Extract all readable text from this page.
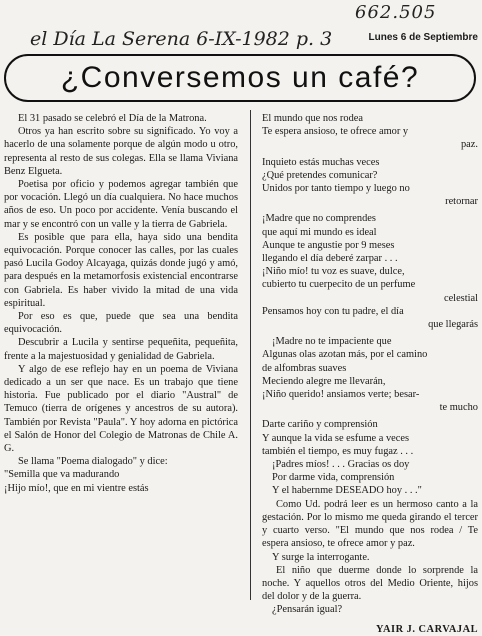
662.505
el Día La Serena 6-IX-1982 p. 3	Lunes 6 de Septiembre
¿Conversemos un café?
El 31 pasado se celebró el Día de la Matrona.
Otros ya han escrito sobre su significado. Yo voy a hacerlo de una solamente porque de algún modo u otro, representa al resto de sus colegas. Ella se llama Viviana Benz Elgueta.
Poetisa por oficio y podemos agregar también que por vocación. Llegó un día cualquiera. No hace muchos años de eso. Un poco por accidente. Venía buscando el mar y se encontró con un valle y la tierra de Gabriela.
Es posible que para ella, haya sido una bendita equivocación. Porque conocer las calles, por las cuales pasó Lucila Godoy Alcayaga, quizás donde jugó y amó, para después en la metamorfosis existencial encontrarse con Gabriela. Es haber vivido la mitad de una vida espiritual.
Por eso es que, puede que sea una bendita equivocación.
Descubrir a Lucila y sentirse pequeñita, pequeñita, frente a la majestuosidad y genialidad de Gabriela.
Y algo de ese reflejo hay en un poema de Viviana dedicado a un ser que nace. Es un trabajo que tiene historia. Fue publicado por el diario "Austral" de Temuco (tierra de orígenes y ancestros de su autora). También por Revista "Paula". Y hoy adorna en pictórica el Salón de Honor del Colegio de Matronas de Chile A. G.
Se llama "Poema dialogado" y dice:
"Semilla que va madurando
¡Hijo mío!, que en mi vientre estás
El mundo que nos rodea
Te espera ansioso, te ofrece amor y
paz.
Inquieto estás muchas veces
¿Qué pretendes comunicar?
Unidos por tanto tiempo y luego no
retornar
¡Madre que no comprendes
que aquí mi mundo es ideal
Aunque te angustie por 9 meses
llegando el día deberé zarpar . . .
¡Niño mío! tu voz es suave, dulce,
cubierto tu cuerpecito de un perfume
celestial
Pensamos hoy con tu padre, el día
que llegarás
¡Madre no te impaciente que
Algunas olas azotan más, por el camino
de alfombras suaves
Meciendo alegre me llevarán,
¡Niño querido! ansiamos verte; besar-
te mucho
Darte cariño y comprensión
Y aunque la vida se esfume a veces
también el tiempo, es muy fugaz . . .
¡Padres míos! . . . Gracias os doy
Por darme vida, comprensión
Y el habernme DESEADO hoy . . ."
Como Ud. podrá leer es un hermoso canto a la gestación. Por lo mismo me queda girando el tercer y cuarto verso. "El mundo que nos rodea / Te espera ansioso, te ofrece amor y paz.
Y surge la interrogante.
El niño que duerme donde lo sorprende la noche. Y aquellos otros del Medio Oriente, hijos del dolor y de la guerra.
¿Pensarán igual?
YAIR J. CARVAJAL
